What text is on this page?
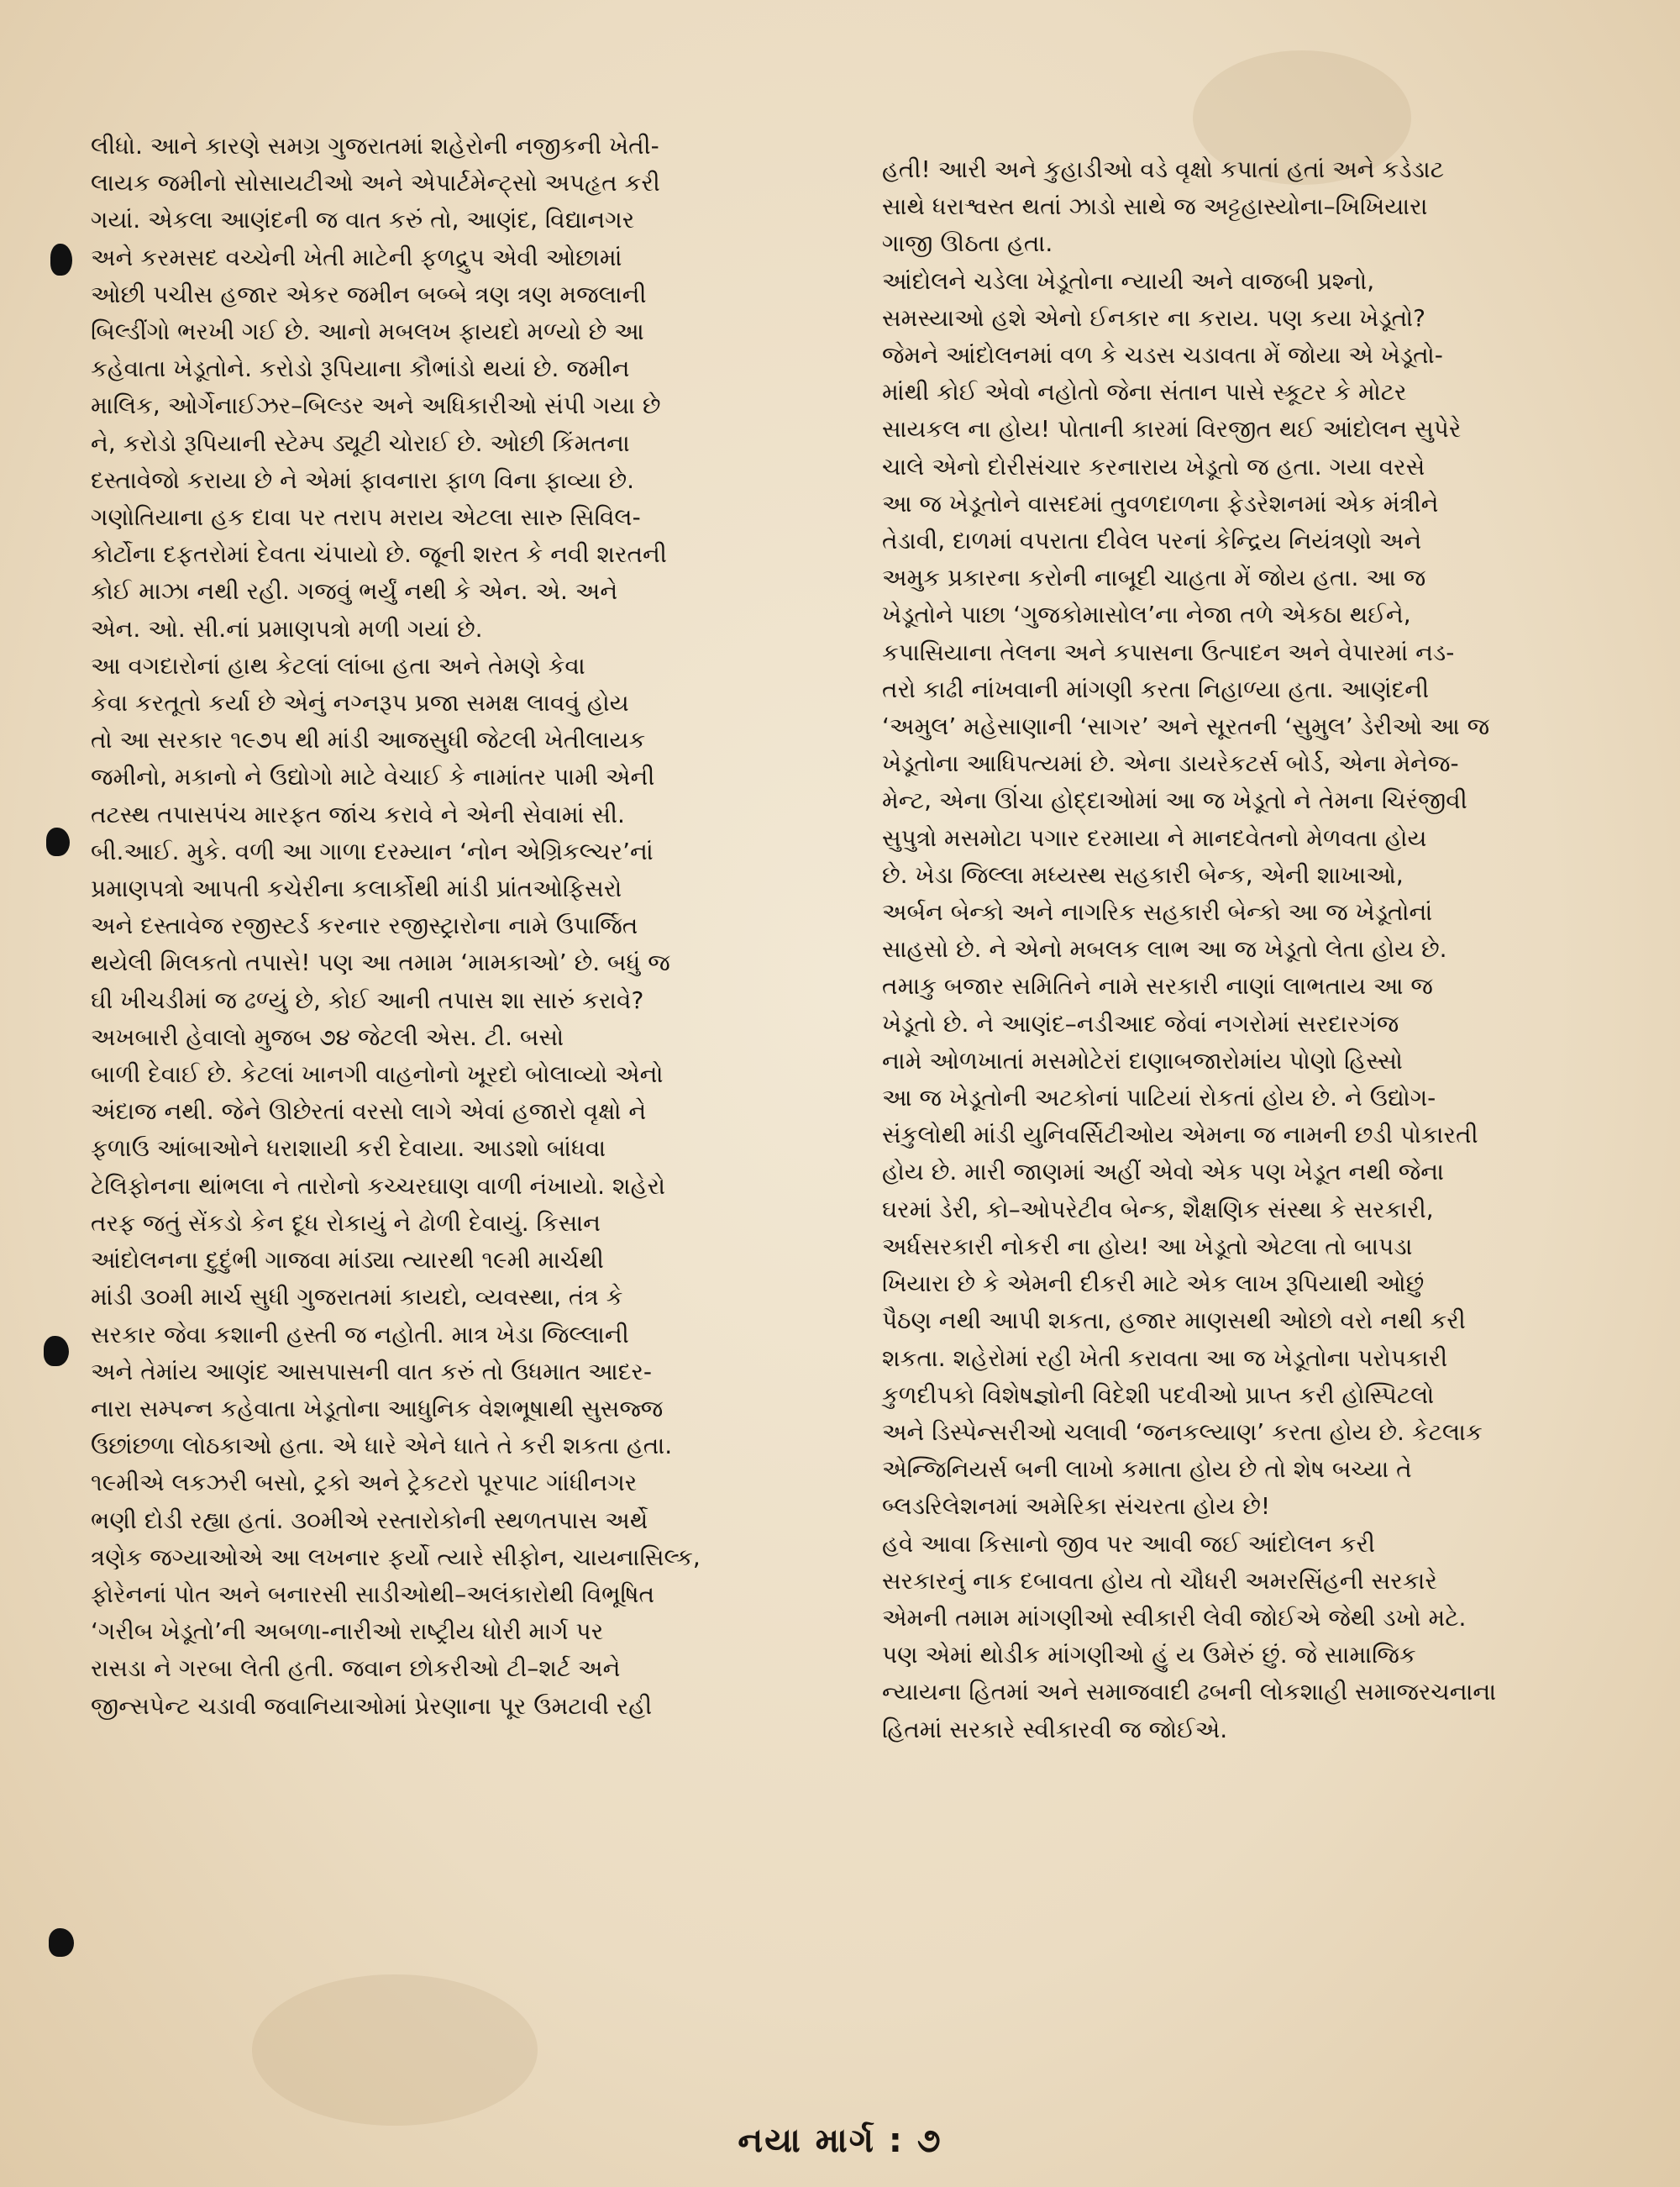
લીધો. આને કારણે સમગ્ર ગુજરાતમાં શહેરોની નજીકની ખેતી-
લાયક જમીનો સોસાયટીઓ અને એપાર્ટમેન્ટ્સો અપહૃત કરી
ગયાં. એકલા આણંદની જ વાત કરું તો, આણંદ, વિદ્યાનગર
અને કરમસદ વચ્ચેની ખેતી માટેની ફળદ્રુપ એવી ઓછામાં
ઓછી પચીસ હજાર એકર જમીન બબ્બે ત્રણ ત્રણ મજલાની
બિલ્ડીંગો ભરખી ગઈ છે. આનો મબલખ ફાયદો મળ્યો છે આ
કહેવાતા ખેડૂતોને. કરોડો રૂપિયાના કૌભાંડો થયાં છે. જમીન
માલિક, ઓર્ગેનાઈઝર–બિલ્ડર અને અધિકારીઓ સંપી ગયા છે
ને, કરોડો રૂપિયાની સ્ટેમ્પ ડ્યૂટી ચોરાઈ છે. ઓછી કિંમતના
દસ્તાવેજો કરાયા છે ને એમાં ફાવનારા ફાળ વિના ફાવ્યા છે.
ગણોતિયાના હક દાવા પર તરાપ મરાય એટલા સારુ સિવિલ-
કોર્ટોના દફતરોમાં દેવતા ચંપાયો છે. જૂની શરત કે નવી શરતની
કોઈ માઝા નથી રહી. ગજવું ભર્યું નથી કે એન. એ. અને
એન. ઓ. સી.નાં પ્રમાણપત્રો મળી ગયાં છે.

આ વગદારોનાં હાથ કેટલાં લાંબા હતા અને તેમણે કેવા
કેવા કરતૂતો કર્યા છે એનું નગ્નરૂપ પ્રજા સમક્ષ લાવવું હોય
તો આ સરકાર ૧૯૭૫ થી માંડી આજસુધી જેટલી ખેતીલાયક
જમીનો, મકાનો ને ઉદ્યોગો માટે વેચાઈ કે નામાંતર પામી એની
તટસ્થ તપાસપંચ મારફત જાંચ કરાવે ને એની સેવામાં સી.
બી.આઈ. મુકે. વળી આ ગાળા દરમ્યાન ‘નોન એગ્રિકલ્ચર’નાં
પ્રમાણપત્રો આપતી કચેરીના કલાર્કોથી માંડી પ્રાંતઓફિસરો
અને દસ્તાવેજ રજીસ્ટર્ડ કરનાર રજીસ્ટ્રારોના નામે ઉપાર્જિત
થયેલી મિલકતો તપાસે! પણ આ તમામ ‘મામકાઓ’ છે. બધું જ
ઘી ખીચડીમાં જ ઢળ્યું છે, કોઈ આની તપાસ શા સારું કરાવે?

અખબારી હેવાલો મુજબ ૭૪ જેટલી એસ. ટી. બસો
બાળી દેવાઈ છે. કેટલાં ખાનગી વાહનોનો ખૂરદો બોલાવ્યો એનો
અંદાજ નથી. જેને ઊછેરતાં વરસો લાગે એવાં હજારો વૃક્ષો ને
ફળાઉ આંબાઓને ધરાશાયી કરી દેવાયા. આડશો બાંધવા
ટેલિફોનના થાંભલા ને તારોનો કચ્ચરઘાણ વાળી નંખાયો. શહેરો
તરફ જતું સેંકડો કેન દૂધ રોકાયું ને ઢોળી દેવાયું. કિસાન
આંદોલનના દુદુંભી ગાજવા માંડ્યા ત્યારથી ૧૯મી માર્ચથી
માંડી ૩૦મી માર્ચ સુધી ગુજરાતમાં કાયદો, વ્યવસ્થા, તંત્ર કે
સરકાર જેવા કશાની હસ્તી જ નહોતી. માત્ર ખેડા જિલ્લાની
અને તેમાંય આણંદ આસપાસની વાત કરું તો ઉધમાત આદર-
નારા સમ્પન્ન કહેવાતા ખેડૂતોના આધુનિક વેશભૂષાથી સુસજ્જ
ઉછાંછળા લોઠકાઓ હતા. એ ધારે એને ધાતે તે કરી શકતા હતા.
૧૯મીએ લકઝરી બસો, ટ્રકો અને ટ્રેકટરો પૂરપાટ ગાંધીનગર
ભણી દોડી રહ્યા હતાં. ૩૦મીએ રસ્તારોકોની સ્થળતપાસ અર્થે
ત્રણેક જગ્યાઓએ આ લખનાર ફર્યો ત્યારે સીફોન, ચાયનાસિલ્ક,
ફોરેનનાં પોત અને બનારસી સાડીઓથી–અલંકારોથી વિભૂષિત
‘ગરીબ ખેડૂતો’ની અબળા-નારીઓ રાષ્ટ્રીય ધોરી માર્ગ પર
રાસડા ને ગરબા લેતી હતી. જવાન છોકરીઓ ટી–શર્ટ અને
જીન્સપેન્ટ ચડાવી જવાનિયાઓમાં પ્રેરણાના પૂર ઉમટાવી રહી

હતી! આરી અને કુહાડીઓ વડે વૃક્ષો કપાતાં હતાં અને કડેડાટ
સાથે ધરાશ્વસ્ત થતાં ઝાડો સાથે જ અટ્ટહાસ્યોના–ખિખિયારા
ગાજી ઊઠતા હતા.

આંદોલને ચડેલા ખેડૂતોના ન્યાયી અને વાજબી પ્રશ્નો,
સમસ્યાઓ હશે એનો ઈનકાર ના કરાય. પણ કયા ખેડૂતો?
જેમને આંદોલનમાં વળ કે ચડસ ચડાવતા મેં જોયા એ ખેડૂતો-
માંથી કોઈ એવો નહોતો જેના સંતાન પાસે સ્કૂટર કે મોટર
સાયકલ ના હોય! પોતાની કારમાં વિરજીત થઈ આંદોલન સુપેરે
ચાલે એનો દોરીસંચાર કરનારાય ખેડૂતો જ હતા. ગયા વરસે
આ જ ખેડૂતોને વાસદમાં તુવળદાળના ફેડરેશનમાં એક મંત્રીને
તેડાવી, દાળમાં વપરાતા દીવેલ પરનાં કેન્દ્રિય નિયંત્રણો અને
અમુક પ્રકારના કરોની નાબૂદી ચાહતા મેં જોય હતા. આ જ
ખેડૂતોને પાછા ‘ગુજકોમાસોલ’ના નેજા તળે એકઠા થઈને,
કપાસિયાના તેલના અને કપાસના ઉત્પાદન અને વેપારમાં નડ-
તરો કાઢી નાંખવાની માંગણી કરતા નિહાળ્યા હતા. આણંદની
‘અમુલ’ મહેસાણાની ‘સાગર’ અને સૂરતની ‘સુમુલ’ ડેરીઓ આ જ
ખેડૂતોના આધિપત્યમાં છે. એના ડાયરેકટર્સ બોર્ડ, એના મેનેજ-
મેન્ટ, એના ઊંચા હોદ્દાઓમાં આ જ ખેડૂતો ને તેમના ચિરંજીવી
સુપુત્રો મસમોટા પગાર દરમાયા ને માનદવેતનો મેળવતા હોય
છે. ખેડા જિલ્લા મધ્યસ્થ સહકારી બેન્ક, એની શાખાઓ,
અર્બન બેન્કો અને નાગરિક સહકારી બેન્કો આ જ ખેડૂતોનાં
સાહસો છે. ને એનો મબલક લાભ આ જ ખેડૂતો લેતા હોય છે.
તમાકુ બજાર સમિતિને નામે સરકારી નાણાં લાભતાય આ જ
ખેડૂતો છે. ને આણંદ–નડીઆદ જેવાં નગરોમાં સરદારગંજ
નામે ઓળખાતાં મસમોટેરાં દાણાબજારોમાંય પોણો હિસ્સો
આ જ ખેડૂતોની અટકોનાં પાટિયાં રોકતાં હોય છે. ને ઉદ્યોગ-
સંકુલોથી માંડી યુનિવર્સિટીઓય એમના જ નામની છડી પોકારતી
હોય છે. મારી જાણમાં અહીં એવો એક પણ ખેડૂત નથી જેના
ઘરમાં ડેરી, કો–ઓપરેટીવ બેન્ક, શૈક્ષણિક સંસ્થા કે સરકારી,
અર્ધસરકારી નોકરી ના હોય! આ ખેડૂતો એટલા તો બાપડા
ખિયારા છે કે એમની દીકરી માટે એક લાખ રૂપિયાથી ઓછું
પૈઠણ નથી આપી શકતા, હજાર માણસથી ઓછો વરો નથી કરી
શકતા. શહેરોમાં રહી ખેતી કરાવતા આ જ ખેડૂતોના પરોપકારી
કુળદીપકો વિશેષજ્ઞોની વિદેશી પદવીઓ પ્રાપ્ત કરી હોસ્પિટલો
અને ડિસ્પેન્સરીઓ ચલાવી ‘જનકલ્યાણ’ કરતા હોય છે. કેટલાક
એન્જિનિયર્સ બની લાખો કમાતા હોય છે તો શેષ બચ્યા તે
બ્લડરિલેશનમાં અમેરિકા સંચરતા હોય છે!

હવે આવા કિસાનો જીવ પર આવી જઈ આંદોલન કરી
સરકારનું નાક દબાવતા હોય તો ચૌધરી અમરસિંહની સરકારે
એમની તમામ માંગણીઓ સ્વીકારી લેવી જોઈએ જેથી ડખો મટે.
પણ એમાં થોડીક માંગણીઓ હું ય ઉમેરું છું. જે સામાજિક
ન્યાયના હિતમાં અને સમાજવાદી ઢબની લોકશાહી સમાજરચનાના
હિતમાં સરકારે સ્વીકારવી જ જોઈએ.

નયા માર્ગ : ૭
